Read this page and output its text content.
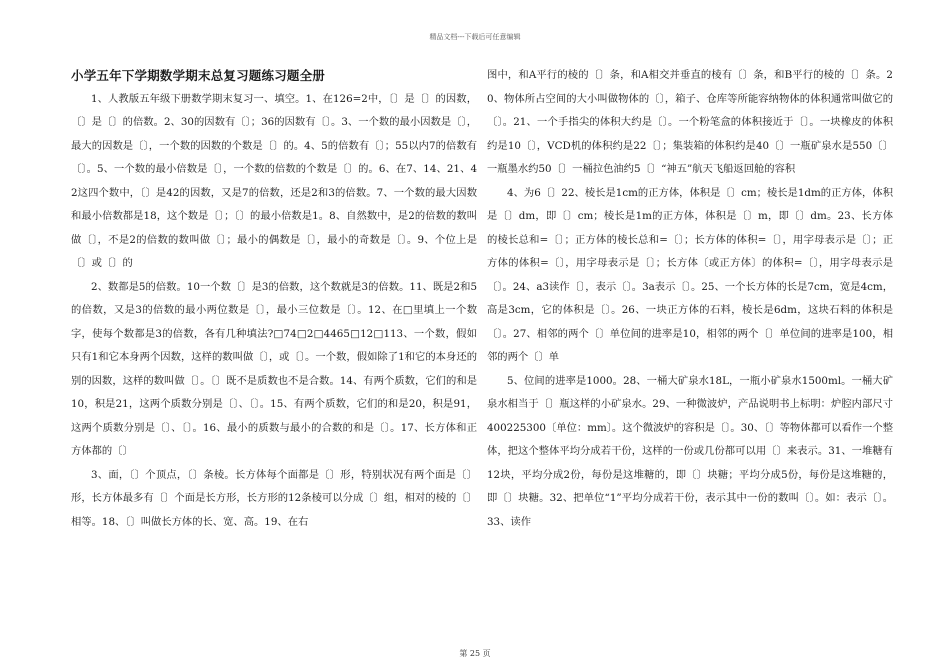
精品文档---下载后可任意编辑
小学五年下学期数学期末总复习题练习题全册

1、人教版五年级下册数学期末复习一、填空。1、在126=2中，〔〕是〔〕的因数，〔〕是〔〕的倍数。2、30的因数有〔〕；36的因数有〔〕。3、一个数的最小因数是〔〕，最大的因数是〔〕，一个数的因数的个数是〔〕的。4、5的倍数有〔〕；55以内7的倍数有〔〕。5、一个数的最小倍数是〔〕，一个数的倍数的个数是〔〕的。6、在7、14、21、42这四个数中，〔〕是42的因数，又是7的倍数，还是2和3的倍数。7、一个数的最大因数和最小倍数都是18，这个数是〔〕；〔〕的最小倍数是1。8、自然数中，是2的倍数的数叫做〔〕，不是2的倍数的数叫做〔〕；最小的偶数是〔〕，最小的奇数是〔〕。9、个位上是〔〕或〔〕的

2、数都是5的倍数。10一个数〔〕是3的倍数，这个数就是3的倍数。11、既是2和5的倍数，又是3的倍数的最小两位数是〔〕，最小三位数是〔〕。12、在□里填上一个数字，使每个数都是3的倍数，各有几种填法?□74□2□4465□12□113、一个数，假如只有1和它本身两个因数，这样的数叫做〔〕，或〔〕。一个数，假如除了1和它的本身还的别的因数，这样的数叫做〔〕。〔〕既不是质数也不是合数。14、有两个质数，它们的和是10，积是21，这两个质数分别是〔〕、〔〕。15、有两个质数，它们的和是20，积是91，这两个质数分别是〔〕、〔〕。16、最小的质数与最小的合数的和是〔〕。17、长方体和正方体都的〔〕

3、面，〔〕个顶点，〔〕条棱。长方体每个面都是〔〕形，特别状况有两个面是〔〕形，长方体最多有〔〕个面是长方形，长方形的12条棱可以分成〔〕组，相对的棱的〔〕相等。18、〔〕叫做长方体的长、宽、高。19、在右

图中，和A平行的棱的〔〕条，和A相交并垂直的棱有〔〕条，和B平行的棱的〔〕条。20、物体所占空间的大小叫做物体的〔〕，箱子、仓库等所能容纳物体的体积通常叫做它的〔〕。21、一个手指尖的体积大约是〔〕。一个粉笔盒的体积接近于〔〕。一块橡皮的体积约是10〔〕，VCD机的体积约是22〔〕；集装箱的体积约是40〔〕一瓶矿泉水是550〔〕一瓶墨水约50〔〕一桶拉色油约5〔〕“神五”航天飞船返回舱的容积

4、为6〔〕22、棱长是1cm的正方体，体积是〔〕cm；棱长是1dm的正方体，体积是〔〕dm，即〔〕cm；棱长是1m的正方体，体积是〔〕m，即〔〕dm。23、长方体的棱长总和=〔〕；正方体的棱长总和=〔〕；长方体的体积=〔〕，用字母表示是〔〕；正方体的体积=〔〕，用字母表示是〔〕；长方体〔或正方体〕的体积=〔〕，用字母表示是〔〕。24、a3读作〔〕，表示〔〕。3a表示〔〕。25、一个长方体的长是7cm，宽是4cm，高是3cm，它的体积是〔〕。26、一块正方体的石料，棱长是6dm，这块石料的体积是〔〕。27、相邻的两个〔〕单位间的进率是10，相邻的两个〔〕单位间的进率是100，相邻的两个〔〕单

5、位间的进率是1000。28、一桶大矿泉水18L，一瓶小矿泉水1500ml。一桶大矿泉水相当于〔〕瓶这样的小矿泉水。29、一种微波炉，产品说明书上标明：炉腔内部尺寸400225300〔单位：mm〕。这个微波炉的容积是〔〕。30、〔〕等物体都可以看作一个整体，把这个整体平均分成若干份，这样的一份或几份都可以用〔〕来表示。31、一堆糖有12块，平均分成2份，每份是这堆糖的，即〔〕块糖；平均分成5份，每份是这堆糖的，即〔〕块糖。32、把单位“1”平均分成若干份，表示其中一份的数叫〔〕。如：表示〔〕。33、读作

第 25 页
